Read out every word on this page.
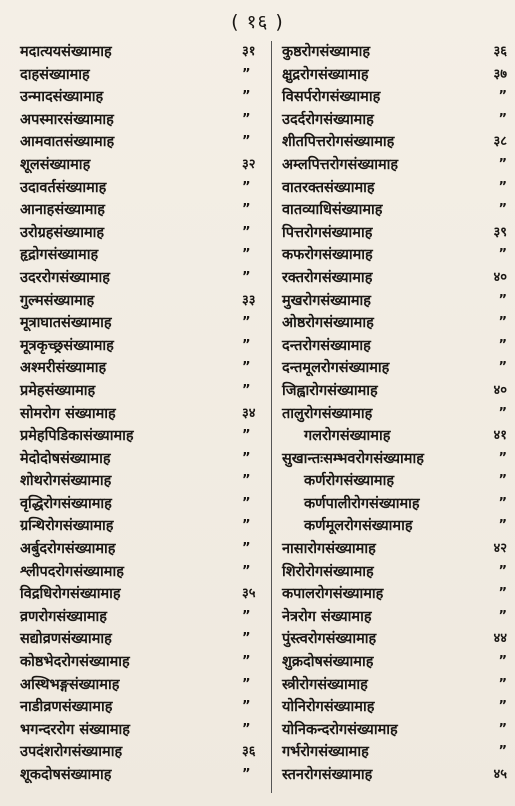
( १६ )
मदात्ययसंख्यामाह	३१
दाहसंख्यामाह	”
उन्मादसंख्यामाह	”
अपस्मारसंख्यामाह	”
आमवातसंख्यामाह	”
शूलसंख्यामाह	३२
उदावर्तसंख्यामाह	”
आनाहसंख्यामाह	”
उरोग्रहसंख्यामाह	”
हृद्रोगसंख्यामाह	”
उदररोगसंख्यामाह	”
गुल्मसंख्यामाह	३३
मूत्राघातसंख्यामाह	”
मूत्रकृच्छ्रसंख्यामाह	”
अश्मरीसंख्यामाह	”
प्रमेहसंख्यामाह	”
सोमरोग संख्यामाह	३४
प्रमेहपिडिकासंख्यामाह	”
मेदोदोषसंख्यामाह	”
शोथरोगसंख्यामाह	”
वृद्धिरोगसंख्यामाह	”
ग्रन्थिरोगसंख्यामाह	”
अर्बुदरोगसंख्यामाह	”
श्लीपदरोगसंख्यामाह	”
विद्रधिरोगसंख्यामाह	३५
व्रणरोगसंख्यामाह	”
सद्योव्रणसंख्यामाह	”
कोष्ठभेदरोगसंख्यामाह	”
अस्थिभङ्गसंख्यामाह	”
नाडीव्रणसंख्यामाह	”
भगन्दररोग संख्यामाह	”
उपदंशरोगसंख्यामाह	३६
शूकदोषसंख्यामाह	”
कुष्ठरोगसंख्यामाह	३६
क्षुद्ररोगसंख्यामाह	३७
विसर्परोगसंख्यामाह	”
उदर्दरोगसंख्यामाह	”
शीतपित्तरोगसंख्यामाह	३८
अम्लपित्तरोगसंख्यामाह	”
वातरक्तसंख्यामाह	”
वातव्याधिसंख्यामाह	”
पित्तरोगसंख्यामाह	३९
कफरोगसंख्यामाह	”
रक्तरोगसंख्यामाह	४०
मुखरोगसंख्यामाह	”
ओष्ठरोगसंख्यामाह	”
दन्तरोगसंख्यामाह	”
दन्तमूलरोगसंख्यामाह	”
जिह्वारोगसंख्यामाह	४०
तालुरोगसंख्यामाह	”
गलरोगसंख्यामाह	४१
सुखान्तःसम्भवरोगसंख्यामाह	”
कर्णरोगसंख्यामाह	”
कर्णपालीरोगसंख्यामाह	”
कर्णमूलरोगसंख्यामाह	”
नासारोगसंख्यामाह	४२
शिरोरोगसंख्यामाह	”
कपालरोगसंख्यामाह	”
नेत्ररोग संख्यामाह	”
पुंस्त्वरोगसंख्यामाह	४४
शुक्रदोषसंख्यामाह	”
स्त्रीरोगसंख्यामाह	”
योनिरोगसंख्यामाह	”
योनिकन्दरोगसंख्यामाह	”
गर्भरोगसंख्यामाह	”
स्तनरोगसंख्यामाह	४५
